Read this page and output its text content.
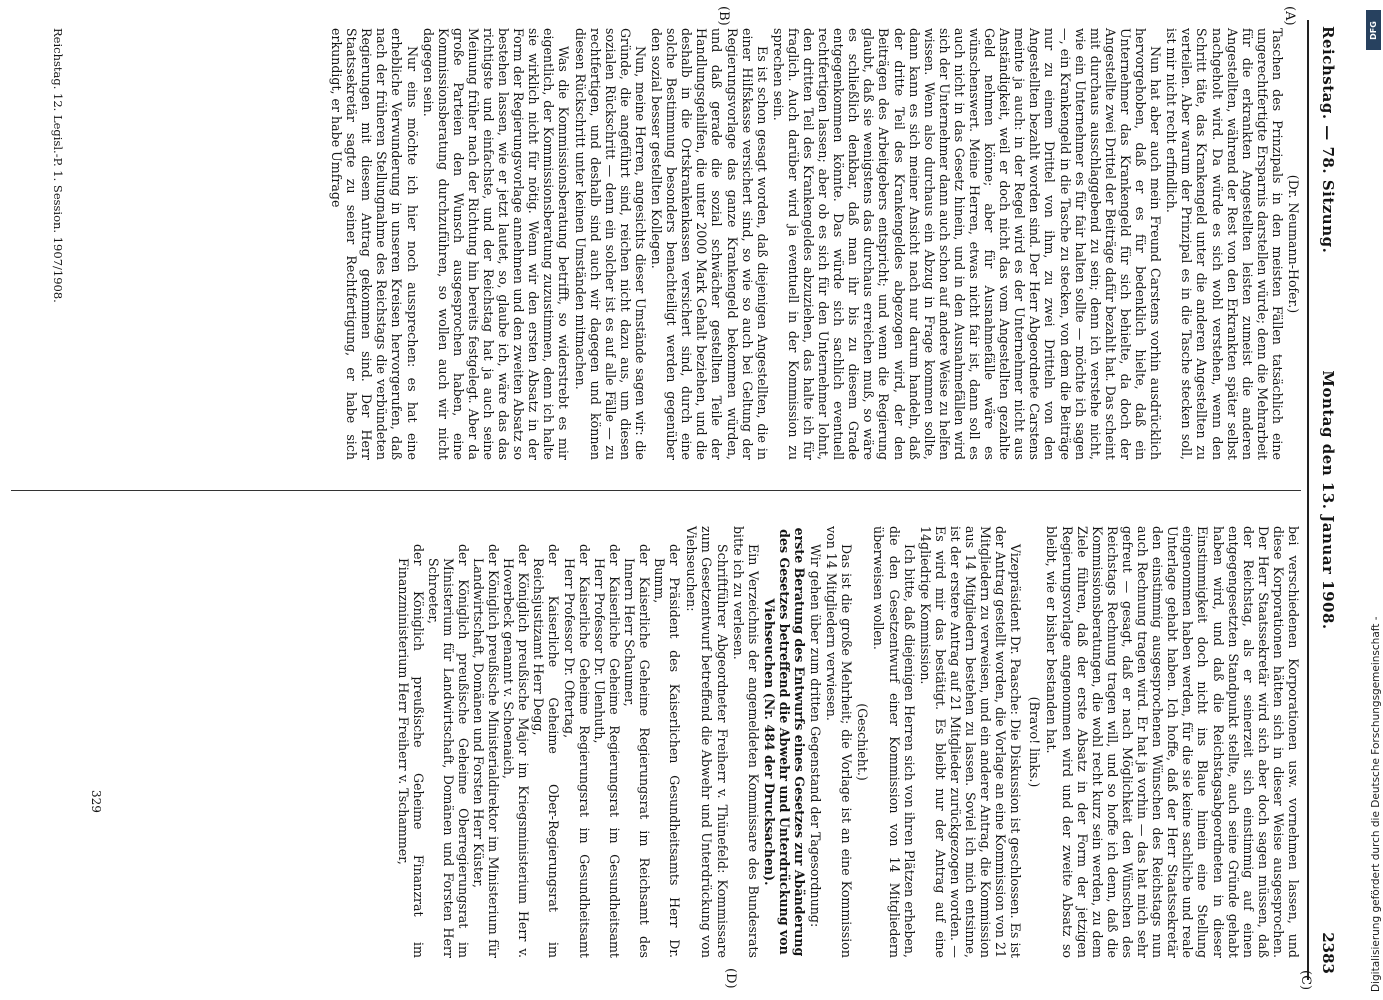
Reichstag. — 78. Sitzung.
Montag den 13. Januar 1908.
2383
(A)
(B)
(C)
(D)

(Dr. Neumann-Hofer.)

Taschen des Prinzipals in den meisten Fällen tatsächlich eine ungerechtfertigte Ersparnis darstellen würde; denn die Mehrarbeit für die erkrankten Angestellten leisten zumeist die anderen Angestellten, während der Rest von den Erkrankten später selbst nachgeholt wird. Da würde es sich wohl verstehen, wenn den Schritt täte, das Krankengeld unter die anderen Angestellten zu verteilen. Aber warum der Prinzipal es in die Tasche stecken soll, ist mir nicht recht erfindlich.

Nun hat aber auch mein Freund Carstens vorhin ausdrücklich hervorgehoben, daß er es für bedenklich hielte, daß ein Unternehmer das Krankengeld für sich behielte, da doch der Angestellte zwei Drittel der Beiträge dafür bezahlt hat. Das scheint mit durchaus ausschlaggebend zu sein; denn ich verstehe nicht, wie ein Unternehmer es für fair halten sollte — möchte ich sagen —, ein Krankengeld in die Tasche zu stecken, von dem die Beiträge nur zu einem Drittel von ihm, zu zwei Dritteln von den Angestellten bezahlt worden sind. Der Herr Abgeordnete Carstens meinte ja auch: in der Regel wird es der Unternehmer nicht aus Anständigkeit, weil er doch nicht das vom Angestellten gezahlte Geld nehmen könne; aber für Ausnahmefälle wäre es wünschenswert. Meine Herren, etwas nicht fair ist, dann soll es auch nicht in das Gesetz hinein, und in den Ausnahmefällen wird sich der Unternehmer dann auch schon auf andere Weise zu helfen wissen. Wenn also durchaus ein Abzug in Frage kommen sollte, dann kann es sich meiner Ansicht nach nur darum handeln, daß der dritte Teil des Krankengeldes abgezogen wird, der den Beiträgen des Arbeitgebers entspricht; und wenn die Regierung glaubt, daß sie wenigstens das durchaus erreichen muß, so wäre es schließlich denkbar, daß man ihr bis zu diesem Grade entgegenkommen könnte. Das würde sich sachlich eventuell rechtfertigen lassen; aber ob es sich für den Unternehmer lohnt, den dritten Teil des Krankengeldes abzuziehen, das halte ich für fraglich. Auch darüber wird ja eventuell in der Kommission zu sprechen sein.

Es ist schon gesagt worden, daß diejenigen Angestellten, die in einer Hilfskasse versichert sind, so wie so auch bei Geltung der Regierungsvorlage das ganze Krankengeld bekommen würden, und daß gerade die sozial schwächer gestellten Teile der Handlungsgehilfen, die unter 2000 Mark Gehalt beziehen, und die deshalb in die Ortskrankenkassen versichert sind, durch eine solche Bestimmung besonders benachteiligt werden gegenüber den sozial besser gestellten Kollegen.

Nun, meine Herren, angesichts dieser Umstände sagen wir: die Gründe, die angeführt sind, reichen nicht dazu aus, um diesen sozialen Rückschritt — denn ein solcher ist es auf alle Fälle — zu rechtfertigen, und deshalb sind auch wir dagegen und können diesen Rückschritt unter keinen Umständen mitmachen.

Was die Kommissionsberatung betrifft, so widerstrebt es mir eigentlich, der Kommissionsberatung zuzustimmen, denn ich halte sie wirklich nicht für nötig. Wenn wir den ersten Absatz in der Form der Regierungsvorlage annehmen und den zweiten Absatz so bestehen lassen, wie er jetzt lautet, so, glaube ich, wäre das das richtigste und einfachste, und der Reichstag hat ja auch seine Meinung früher nach der Richtung hin bereits festgelegt. Aber da große Parteien den Wunsch ausgesprochen haben, eine Kommissionsberatung durchzuführen, so wollen auch wir nicht dagegen sein.

Nur eins möchte ich hier noch aussprechen: es hat eine erhebliche Verwunderung in unseren Kreisen hervorgerufen, daß nach der früheren Stellungnahme des Reichstags die verbündeten Regierungen mit diesem Antrag gekommen sind. Der Herr Staatssekretär sagte zu seiner Rechtfertigung, er habe sich erkundigt, er habe Umfrage

Reichstag. 12. Legisl.-P. 1. Session. 1907/1908.

bei verschiedenen Korporationen usw. vornehmen lassen, und diese Korporationen hätten sich in dieser Weise ausgesprochen. Der Herr Staatssekretär wird sich aber doch sagen müssen, daß der Reichstag, als er seinerzeit sich einstimmig auf einen entgegengesetzten Standpunkt stellte, auch seine Gründe gehabt haben wird, und daß die Reichstagsabgeordneten in dieser Einstimmigkeit doch nicht ins Blaue hinein eine Stellung eingenommen haben werden, für die sie keine sachliche und reale Unterlage gehabt haben. Ich hoffe, daß der Herr Staatssekretär den einstimmig ausgesprochenen Wünschen des Reichstags nun auch Rechnung tragen wird. Er hat ja vorhin — das hat mich sehr gefreut — gesagt, daß er nach Möglichkeit den Wünschen des Reichstags Rechnung tragen will, und so hoffe ich denn, daß die Kommissionsberatungen, die wohl recht kurz sein werden, zu dem Ziele führen, daß der erste Absatz in der Form der jetzigen Regierungsvorlage angenommen wird und der zweite Absatz so bleibt, wie er bisher bestanden hat.

(Bravo! links.)

Vizepräsident Dr. Paasche: Die Diskussion ist geschlossen. Es ist der Antrag gestellt worden, die Vorlage an eine Kommission von 21 Mitgliedern zu verweisen, und ein anderer Antrag, die Kommission aus 14 Mitgliedern bestehen zu lassen. Soviel ich mich entsinne, ist der erstere Antrag auf 21 Mitglieder zurückgezogen worden. — Es wird mir das bestätigt. Es bleibt nur der Antrag auf eine 14gliedrige Kommission.

Ich bitte, daß diejenigen Herren sich von ihren Plätzen erheben, die den Gesetzentwurf einer Kommission von 14 Mitgliedern überweisen wollen.

(Geschieht.)

Das ist die große Mehrheit; die Vorlage ist an eine Kommission von 14 Mitgliedern verwiesen.

Wir gehen über zum dritten Gegenstand der Tagesordnung:

erste Beratung des Entwurfs eines Gesetzes zur Abänderung des Gesetzes betreffend die Abwehr und Unterdrückung von Viehseuchen (Nr. 484 der Drucksachen).

Ein Verzeichnis der angemeldeten Kommissare des Bundesrats bitte ich zu verlesen.

Schriftführer Abgeordneter Freiherr v. Thünefeld: Kommissare zum Gesetzentwurf betreffend die Abwehr und Unterdrückung von Viehseuchen:

der Präsident des Kaiserlichen Gesundheitsamts Herr Dr. Bumm,

der Kaiserliche Geheime Regierungsrat im Reichsamt des Innern Herr Schaumer,

der Kaiserliche Geheime Regierungsrat im Gesundheitsamt Herr Professor Dr. Ulenhuth,

der Kaiserliche Geheime Regierungsrat im Gesundheitsamt Herr Professor Dr. Oftertag,

der Kaiserliche Geheime Ober-Regierungsrat im Reichsjustizamt Herr Degg,

der Königlich preußische Major im Kriegsministerium Herr v. Hoverbeck genannt v. Schoenaich,

der Königlich preußische Ministerialdirektor im Ministerium für Landwirtschaft, Domänen und Forsten Herr Küster,

der Königlich preußische Geheime Oberregierungsrat im Ministerium für Landwirtschaft, Domänen und Forsten Herr Schroeter,

der Königlich preußische Geheime Finanzrat im Finanzministerium Herr Freiherr v. Tschammer,

329
DFG
Digitalisierung gefördert durch die Deutsche Forschungsgemeinschaft -
